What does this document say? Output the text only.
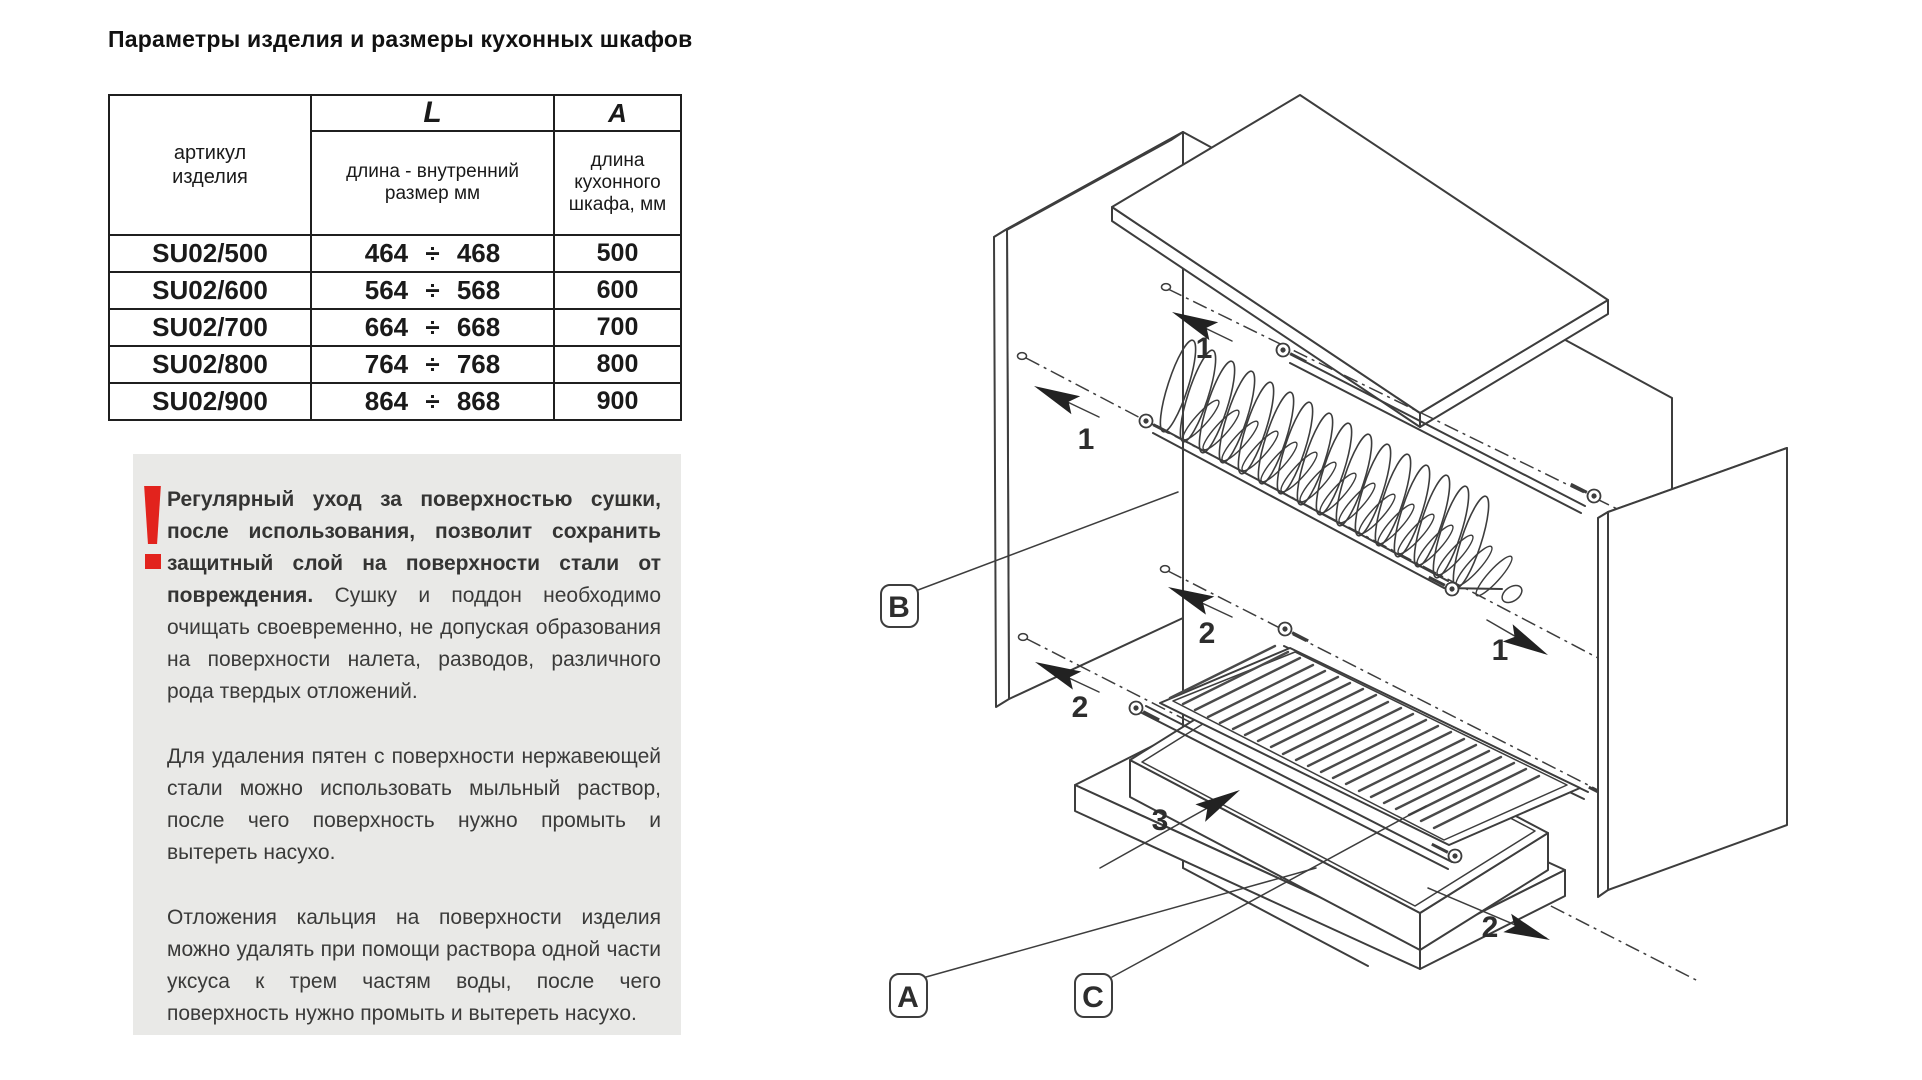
Параметры изделия и размеры кухонных шкафов
артикул изделия	L	A

	длина - внутренний размер мм	длина кухонного шкафа, мм

SU02/500	464 ÷ 468	500
SU02/600	564 ÷ 568	600
SU02/700	664 ÷ 668	700
SU02/800	764 ÷ 768	800
SU02/900	864 ÷ 868	900

Регулярный уход за поверхностью сушки, после использования, позволит сохранить защитный слой на поверхности стали от повреждения. Сушку и поддон необходимо очищать своевременно, не допуская образования на поверхности налета, разводов, различного рода твердых отложений.

Для удаления пятен с поверхности нержавеющей стали можно использовать мыльный раствор, после чего поверхность нужно промыть и вытереть насухо.

Отложения кальция на поверхности изделия можно удалять при помощи раствора одной части уксуса к трем частям воды, после чего поверхность нужно промыть и вытереть насухо.

1
1
1
2
2
2
3
B
A	C
